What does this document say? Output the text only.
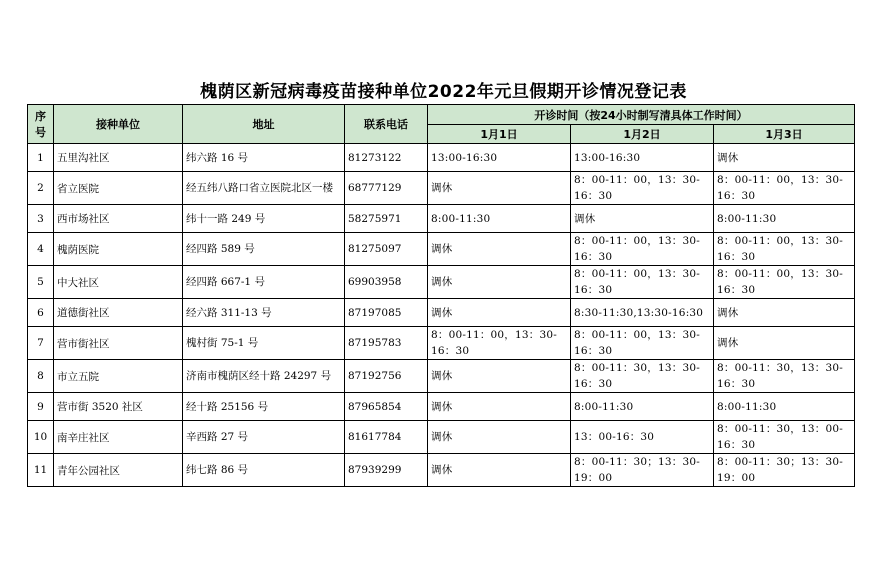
槐荫区新冠病毒疫苗接种单位2022年元旦假期开诊情况登记表
序号	接种单位	地址	联系电话	开诊时间（按24小时制写清具体工作时间）		
				1月1日	1月2日	1月3日
1	五里沟社区	纬六路 16 号	81273122	13:00-16:30	13:00-16:30	调休
2	省立医院	经五纬八路口省立医院北区一楼	68777129	调休	8：00-11：00，13：30-16：30	8：00-11：00，13：30-16：30
3	西市场社区	纬十一路 249 号	58275971	8:00-11:30	调休	8:00-11:30
4	槐荫医院	经四路 589 号	81275097	调休	8：00-11：00，13：30-16：30	8：00-11：00，13：30-16：30
5	中大社区	经四路 667-1 号	69903958	调休	8：00-11：00，13：30-16：30	8：00-11：00，13：30-16：30
6	道德街社区	经六路 311-13 号	87197085	调休	8:30-11:30,13:30-16:30	调休
7	营市街社区	槐村街 75-1 号	87195783	8：00-11：00，13：30-16：30	8：00-11：00，13：30-16：30	调休
8	市立五院	济南市槐荫区经十路 24297 号	87192756	调休	8：00-11：30，13：30-16：30	8：00-11：30，13：30-16：30
9	营市街 3520 社区	经十路 25156 号	87965854	调休	8:00-11:30	8:00-11:30
10	南辛庄社区	辛西路 27 号	81617784	调休	13：00-16：30	8：00-11：30，13：00-16：30
11	青年公园社区	纬七路 86 号	87939299	调休	8：00-11：30；13：30-19：00	8：00-11：30；13：30-19：00
